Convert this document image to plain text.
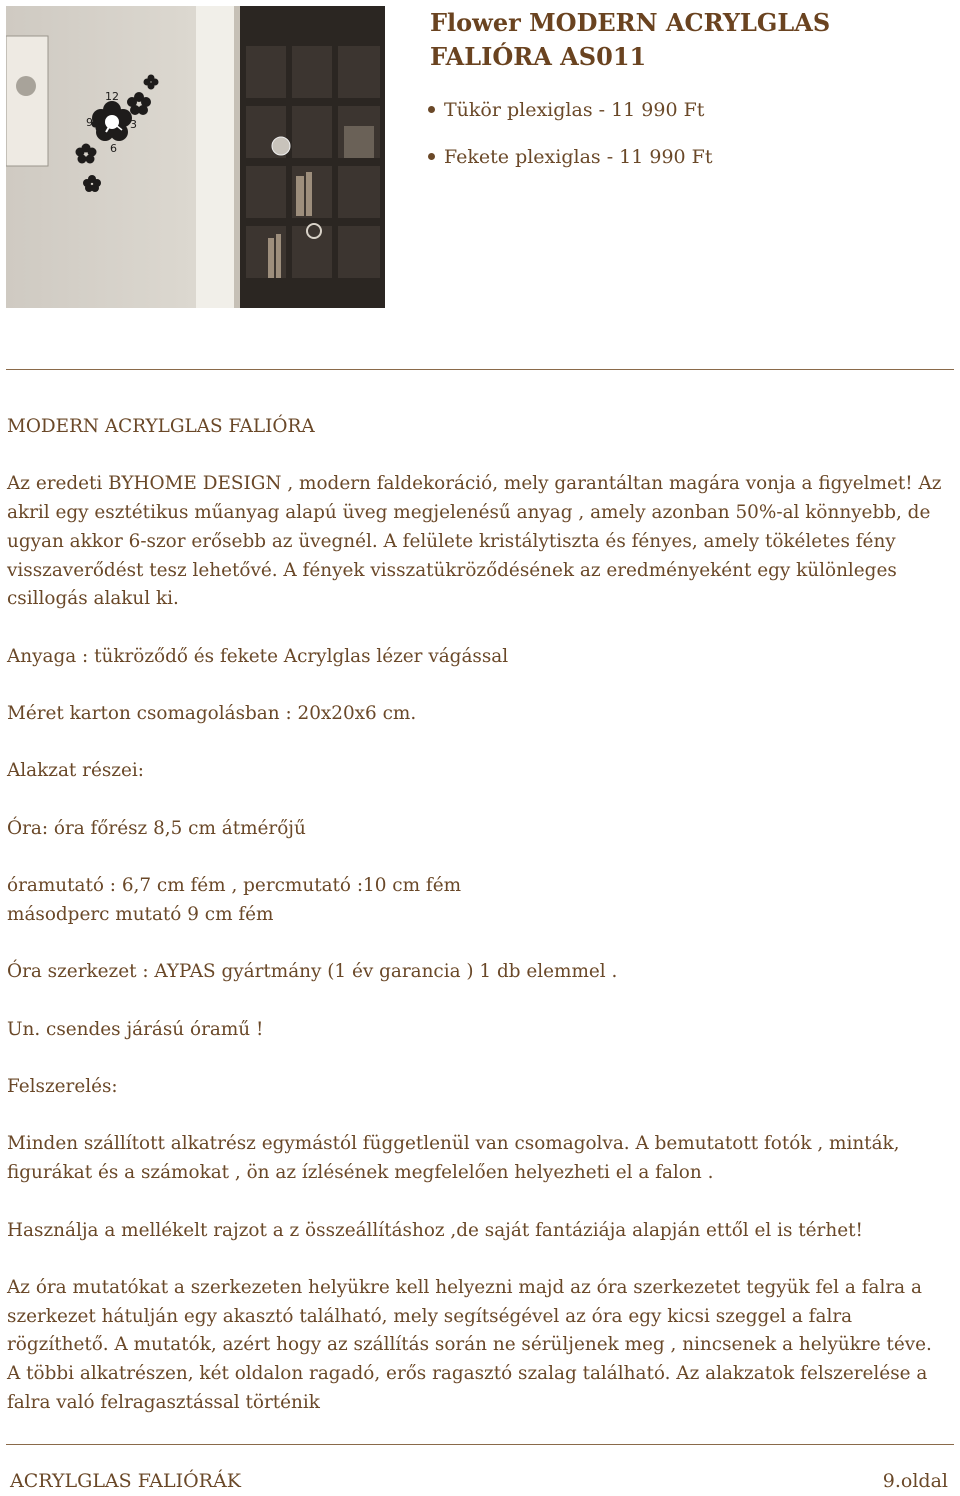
12
9	3
6
Flower MODERN ACRYLGLAS FALIÓRA AS011
Tükör plexiglas - 11 990 Ft
Fekete plexiglas - 11 990 Ft

MODERN ACRYLGLAS FALIÓRA

Az eredeti BYHOME DESIGN , modern faldekoráció, mely garantáltan magára vonja a figyelmet! Az akril egy esztétikus műanyag alapú üveg megjelenésű anyag , amely azonban 50%-al könnyebb, de ugyan akkor 6-szor erősebb az üvegnél. A felülete kristálytiszta és fényes, amely tökéletes fény visszaverődést tesz lehetővé. A fények visszatükröződésének az eredményeként egy különleges csillogás alakul ki.

Anyaga : tükröződő és fekete Acrylglas lézer vágással

Méret karton csomagolásban : 20x20x6 cm.

Alakzat részei:

Óra: óra főrész 8,5 cm átmérőjű

óramutató : 6,7 cm fém , percmutató :10 cm fém

másodperc mutató 9 cm fém

Óra szerkezet : AYPAS gyártmány (1 év garancia ) 1 db elemmel .

Un. csendes járású óramű !

Felszerelés:

Minden szállított alkatrész egymástól függetlenül van csomagolva. A bemutatott fotók , minták, figurákat és a számokat , ön az ízlésének megfelelően helyezheti el a falon .

Használja a mellékelt rajzot a z összeállításhoz ,de saját fantáziája alapján ettől el is térhet!

Az óra mutatókat a szerkezeten helyükre kell helyezni majd az óra szerkezetet tegyük fel a falra a szerkezet hátulján egy akasztó található, mely segítségével az óra egy kicsi szeggel a falra rögzíthető. A mutatók, azért hogy az szállítás során ne sérüljenek meg , nincsenek a helyükre téve. A többi alkatrészen, két oldalon ragadó, erős ragasztó szalag található. Az alakzatok felszerelése a falra való felragasztással történik

ACRYLGLAS FALIÓRÁK	9.oldal
